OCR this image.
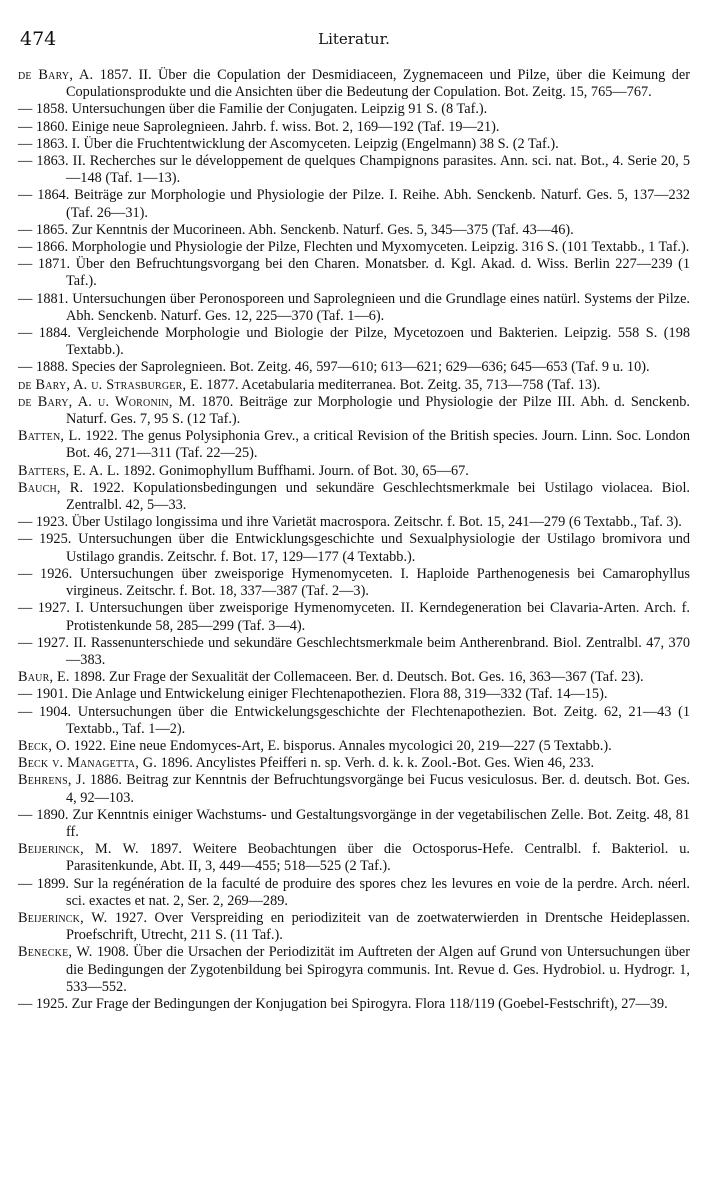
474	Literatur.
de Bary, A. 1857. II. Über die Copulation der Desmidiaceen, Zygnemaceen und Pilze, über die Keimung der Copulationsprodukte und die Ansichten über die Bedeutung der Copulation. Bot. Zeitg. 15, 765—767.
— 1858. Untersuchungen über die Familie der Conjugaten. Leipzig 91 S. (8 Taf.).
— 1860. Einige neue Saprolegnieen. Jahrb. f. wiss. Bot. 2, 169—192 (Taf. 19—21).
— 1863. I. Über die Fruchtentwicklung der Ascomyceten. Leipzig (Engelmann) 38 S. (2 Taf.).
— 1863. II. Recherches sur le développement de quelques Champignons parasites. Ann. sci. nat. Bot., 4. Serie 20, 5—148 (Taf. 1—13).
— 1864. Beiträge zur Morphologie und Physiologie der Pilze. I. Reihe. Abh. Senckenb. Naturf. Ges. 5, 137—232 (Taf. 26—31).
— 1865. Zur Kenntnis der Mucorineen. Abh. Senckenb. Naturf. Ges. 5, 345—375 (Taf. 43—46).
— 1866. Morphologie und Physiologie der Pilze, Flechten und Myxomyceten. Leipzig. 316 S. (101 Textabb., 1 Taf.).
— 1871. Über den Befruchtungsvorgang bei den Charen. Monatsber. d. Kgl. Akad. d. Wiss. Berlin 227—239 (1 Taf.).
— 1881. Untersuchungen über Peronosporeen und Saprolegnieen und die Grundlage eines natürl. Systems der Pilze. Abh. Senckenb. Naturf. Ges. 12, 225—370 (Taf. 1—6).
— 1884. Vergleichende Morphologie und Biologie der Pilze, Mycetozoen und Bakterien. Leipzig. 558 S. (198 Textabb.).
— 1888. Species der Saprolegnieen. Bot. Zeitg. 46, 597—610; 613—621; 629—636; 645—653 (Taf. 9 u. 10).
de Bary, A. u. Strasburger, E. 1877. Acetabularia mediterranea. Bot. Zeitg. 35, 713—758 (Taf. 13).
de Bary, A. u. Woronin, M. 1870. Beiträge zur Morphologie und Physiologie der Pilze III. Abh. d. Senckenb. Naturf. Ges. 7, 95 S. (12 Taf.).
Batten, L. 1922. The genus Polysiphonia Grev., a critical Revision of the British species. Journ. Linn. Soc. London Bot. 46, 271—311 (Taf. 22—25).
Batters, E. A. L. 1892. Gonimophyllum Buffhami. Journ. of Bot. 30, 65—67.
Bauch, R. 1922. Kopulationsbedingungen und sekundäre Geschlechtsmerkmale bei Ustilago violacea. Biol. Zentralbl. 42, 5—33.
— 1923. Über Ustilago longissima und ihre Varietät macrospora. Zeitschr. f. Bot. 15, 241—279 (6 Textabb., Taf. 3).
— 1925. Untersuchungen über die Entwicklungsgeschichte und Sexualphysiologie der Ustilago bromivora und Ustilago grandis. Zeitschr. f. Bot. 17, 129—177 (4 Textabb.).
— 1926. Untersuchungen über zweisporige Hymenomyceten. I. Haploide Parthenogenesis bei Camarophyllus virgineus. Zeitschr. f. Bot. 18, 337—387 (Taf. 2—3).
— 1927. I. Untersuchungen über zweisporige Hymenomyceten. II. Kerndegeneration bei Clavaria-Arten. Arch. f. Protistenkunde 58, 285—299 (Taf. 3—4).
— 1927. II. Rassenunterschiede und sekundäre Geschlechtsmerkmale beim Antherenbrand. Biol. Zentralbl. 47, 370—383.
Baur, E. 1898. Zur Frage der Sexualität der Collemaceen. Ber. d. Deutsch. Bot. Ges. 16, 363—367 (Taf. 23).
— 1901. Die Anlage und Entwickelung einiger Flechtenapothezien. Flora 88, 319—332 (Taf. 14—15).
— 1904. Untersuchungen über die Entwickelungsgeschichte der Flechtenapothezien. Bot. Zeitg. 62, 21—43 (1 Textabb., Taf. 1—2).
Beck, O. 1922. Eine neue Endomyces-Art, E. bisporus. Annales mycologici 20, 219—227 (5 Textabb.).
Beck v. Managetta, G. 1896. Ancylistes Pfeifferi n. sp. Verh. d. k. k. Zool.-Bot. Ges. Wien 46, 233.
Behrens, J. 1886. Beitrag zur Kenntnis der Befruchtungsvorgänge bei Fucus vesiculosus. Ber. d. deutsch. Bot. Ges. 4, 92—103.
— 1890. Zur Kenntnis einiger Wachstums- und Gestaltungsvorgänge in der vegetabilischen Zelle. Bot. Zeitg. 48, 81 ff.
Beijerinck, M. W. 1897. Weitere Beobachtungen über die Octosporus-Hefe. Centralbl. f. Bakteriol. u. Parasitenkunde, Abt. II, 3, 449—455; 518—525 (2 Taf.).
— 1899. Sur la regénération de la faculté de produire des spores chez les levures en voie de la perdre. Arch. néerl. sci. exactes et nat. 2, Ser. 2, 269—289.
Beijerinck, W. 1927. Over Verspreiding en periodiziteit van de zoetwaterwierden in Drentsche Heideplassen. Proefschrift, Utrecht, 211 S. (11 Taf.).
Benecke, W. 1908. Über die Ursachen der Periodizität im Auftreten der Algen auf Grund von Untersuchungen über die Bedingungen der Zygotenbildung bei Spirogyra communis. Int. Revue d. Ges. Hydrobiol. u. Hydrogr. 1, 533—552.
— 1925. Zur Frage der Bedingungen der Konjugation bei Spirogyra. Flora 118/119 (Goebel-Festschrift), 27—39.
